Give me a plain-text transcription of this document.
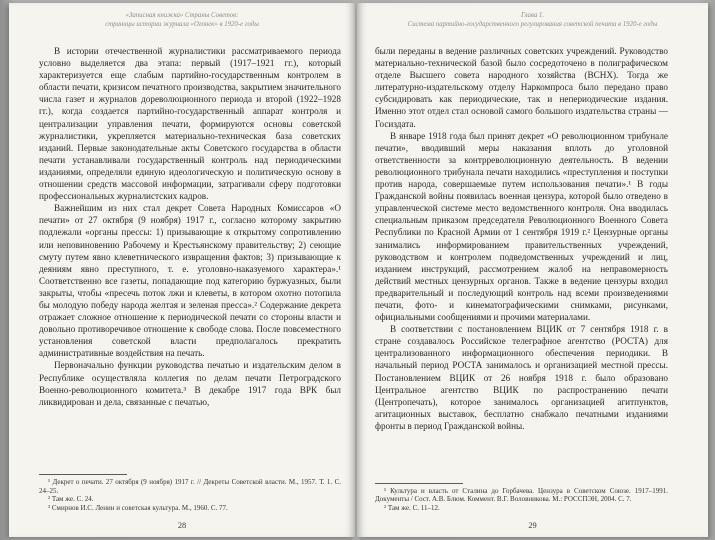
«Записная книжка» Страны Советов:
страницы истории журнала «Огонек» в 1920-е годы

В истории отечественной журналистики рассматриваемого периода условно выделяется два этапа: первый (1917–1921 гг.), который характеризуется еще слабым партийно-государственным контролем в области печати, кризисом печатного производства, закрытием значительного числа газет и журналов дореволюционного периода и второй (1922–1928 гг.), когда создается партийно-государственный аппарат контроля и централизации управления печати, формируются основы советской журналистики, укрепляется материально-техническая база советских изданий. Первые законодательные акты Советского государства в области печати устанавливали государственный контроль над периодическими изданиями, определяли единую идеологическую и политическую основу в отношении средств массовой информации, затрагивали сферу подготовки профессиональных журналистских кадров.

Важнейшим из них стал декрет Совета Народных Комиссаров «О печати» от 27 октября (9 ноября) 1917 г., согласно которому закрытию подлежали «органы прессы: 1) призывающие к открытому сопротивлению или неповиновению Рабочему и Крестьянскому правительству; 2) сеющие смуту путем явно клеветнического извращения фактов; 3) призывающие к деяниям явно преступного, т. е. уголовно-наказуемого характера».¹ Соответственно все газеты, попадающие под категорию буржуазных, были закрыты, чтобы «пресечь поток лжи и клеветы, в котором охотно потопила бы молодую победу народа желтая и зеленая пресса».² Содержание декрета отражает сложное отношение к периодической печати со стороны власти и довольно противоречивое отношение к свободе слова. После повсеместного установления советской власти предполагалось прекратить административные воздействия на печать.

Первоначально функции руководства печатью и издательским делом в Республике осуществляла коллегия по делам печати Петроградского Военно-революционного комитета.³ В декабре 1917 года ВРК был ликвидирован и дела, связанные с печатью,

¹ Декрет о печати. 27 октября (9 ноября) 1917 г. // Декреты Советской власти. М., 1957. Т. 1. С. 24–25.
² Там же. С. 24.
³ Смирнов И.С. Ленин и советская культура. М., 1960. С. 77.
28
Глава 1.
Система партийно-государственного регулирования советской печати в 1920-е годы

были переданы в ведение различных советских учреждений. Руководство материально-технической базой было сосредоточено в полиграфическом отделе Высшего совета народного хозяйства (ВСНХ). Тогда же литературно-издательскому отделу Наркомпроса было передано право субсидировать как периодические, так и непериодические издания. Именно этот отдел стал основой самого большого издательства страны — Госиздата.

В январе 1918 года был принят декрет «О революционном трибунале печати», вводивший меры наказания вплоть до уголовной ответственности за контрреволюционную деятельность. В ведении революционного трибунала печати находились «преступления и поступки против народа, совершаемые путем использования печати».¹ В годы Гражданской войны появилась военная цензура, которой было отведено в управленческой системе место ведомственного контроля. Она вводилась специальным приказом председателя Революционного Военного Совета Республики по Красной Армии от 1 сентября 1919 г.² Цензурные органы занимались информированием правительственных учреждений, руководством и контролем подведомственных учреждений и лиц, изданием инструкций, рассмотрением жалоб на неправомерность действий местных цензурных органов. Также в ведение цензуры входил предварительный и последующий контроль над всеми произведениями печати, фото- и кинематографическими снимками, рисунками, официальными сообщениями и прочими материалами.

В соответствии с постановлением ВЦИК от 7 сентября 1918 г. в стране создавалось Российское телеграфное агентство (РОСТА) для централизованного информационного обеспечения периодики. В начальный период РОСТА занималось и организацией местной прессы. Постановлением ВЦИК от 26 ноября 1918 г. было образовано Центральное агентство ВЦИК по распространению печати (Центропечать), которое занималось организацией агитпунктов, агитационных выставок, бесплатно снабжало печатными изданиями фронты в период Гражданской войны.

¹ Культура и власть от Сталина до Горбачева. Цензура в Советском Союзе. 1917–1991. Документы / Сост. А.В. Блюм. Коммент. В.Г. Воловникова. М.: РОССПЭН, 2004. С. 7.
² Там же. С. 11–12.
29
